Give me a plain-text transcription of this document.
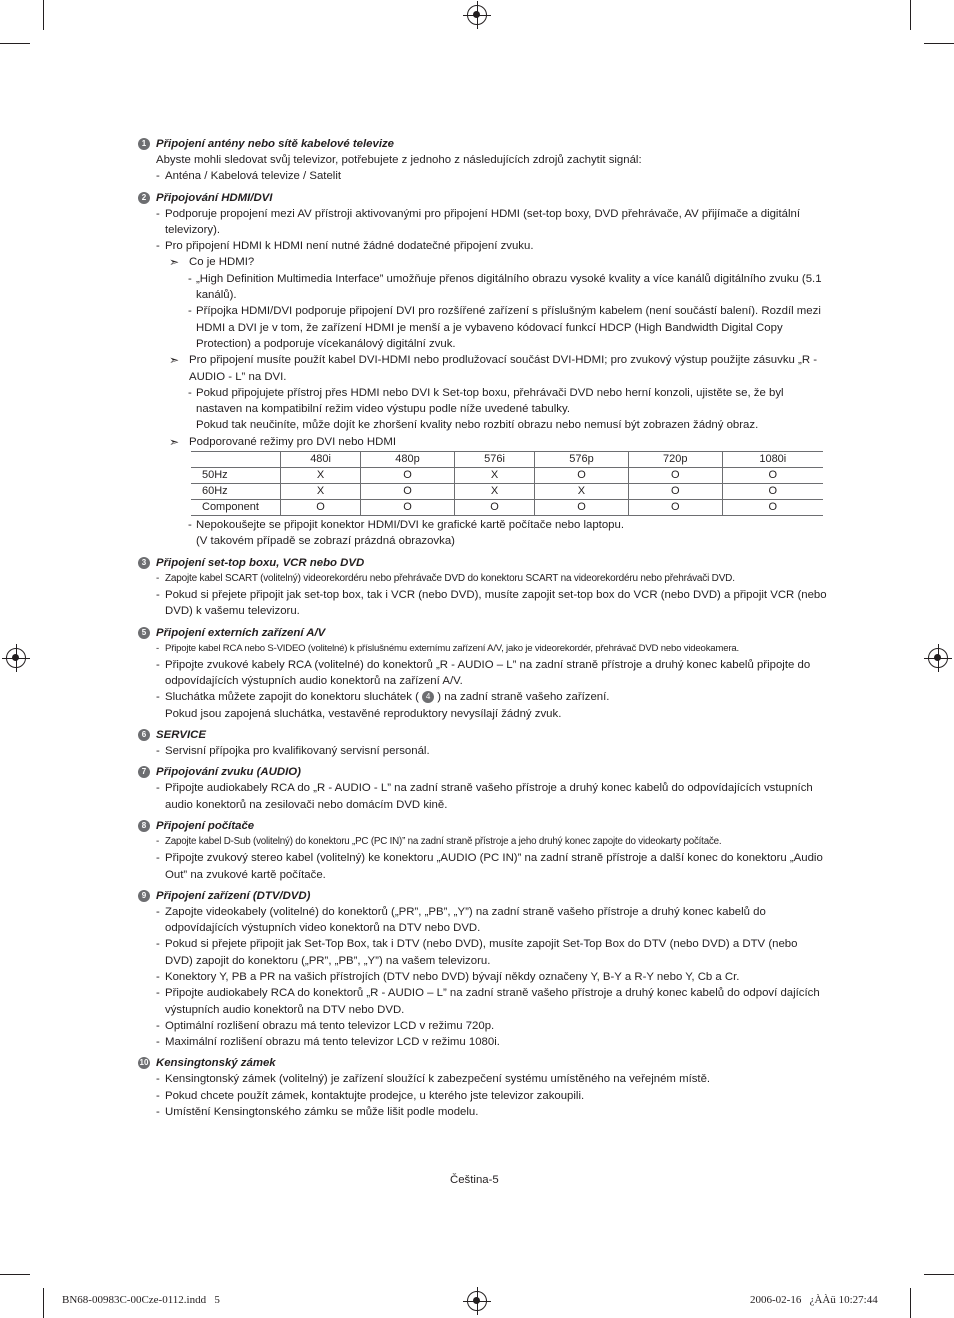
1 Připojení antény nebo sítě kabelové televize
Abyste mohli sledovat svůj televizor, potřebujete z jednoho z následujících zdrojů zachytit signál:
- Anténa / Kabelová televize / Satelit
2 Připojování HDMI/DVI
- Podporuje propojení mezi AV přístroji aktivovanými pro připojení HDMI (set-top boxy, DVD přehrávače, AV přijímače a digitální televizory).
- Pro připojení HDMI k HDMI není nutné žádné dodatečné připojení zvuku.
➣ Co je HDMI?
- „High Definition Multimedia Interface” umožňuje přenos digitálního obrazu vysoké kvality a více kanálů digitálního zvuku (5.1 kanálů).
- Přípojka HDMI/DVI podporuje připojení DVI pro rozšířené zařízení s příslušným kabelem (není součástí balení). Rozdíl mezi HDMI a DVI je v tom, že zařízení HDMI je menší a je vybaveno kódovací funkcí HDCP (High Bandwidth Digital Copy Protection) a podporuje vícekanálový digitální zvuk.
➣ Pro připojení musíte použít kabel DVI-HDMI nebo prodlužovací součást DVI-HDMI; pro zvukový výstup použijte zásuvku „R - AUDIO - L” na DVI.
- Pokud připojujete přístroj přes HDMI nebo DVI k Set-top boxu, přehrávači DVD nebo herní konzoli, ujistěte se, že byl nastaven na kompatibilní režim video výstupu podle níže uvedené tabulky.
Pokud tak neučiníte, může dojít ke zhoršení kvality nebo rozbití obrazu nebo nemusí být zobrazen žádný obraz.
➣ Podporované režimy pro DVI nebo HDMI
	480i	480p	576i	576p	720p	1080i
50Hz	X	O	X	O	O	O
60Hz	X	O	X	X	O	O
Component	O	O	O	O	O	O
- Nepokoušejte se připojit konektor HDMI/DVI ke grafické kartě počítače nebo laptopu.
(V takovém případě se zobrazí prázdná obrazovka)
3 Připojení set-top boxu, VCR nebo DVD
- Zapojte kabel SCART (volitelný) videorekordéru nebo přehrávače DVD do konektoru SCART na videorekordéru nebo přehrávači DVD.
- Pokud si přejete připojit jak set-top box, tak i VCR (nebo DVD), musíte zapojit set-top box do VCR (nebo DVD) a připojit VCR (nebo DVD) k vašemu televizoru.
5 Připojení externích zařízení A/V
- Připojte kabel RCA nebo S-VIDEO (volitelné) k příslušnému externímu zařízení A/V, jako je videorekordér, přehrávač DVD nebo videokamera.
- Připojte zvukové kabely RCA (volitelné) do konektorů „R - AUDIO – L” na zadní straně přístroje a druhý konec kabelů připojte do odpovídajících výstupních audio konektorů na zařízení A/V.
- Sluchátka můžete zapojit do konektoru sluchátek ( 4 ) na zadní straně vašeho zařízení.
Pokud jsou zapojená sluchátka, vestavěné reproduktory nevysílají žádný zvuk.
6 SERVICE
- Servisní přípojka pro kvalifikovaný servisní personál.
7 Připojování zvuku (AUDIO)
- Připojte audiokabely RCA do „R - AUDIO - L” na zadní straně vašeho přístroje a druhý konec kabelů do odpovídajících vstupních audio konektorů na zesilovači nebo domácím DVD kině.
8 Připojení počítače
- Zapojte kabel D-Sub (volitelný) do konektoru „PC (PC IN)” na zadní straně přístroje a jeho druhý konec zapojte do videokarty počítače.
- Připojte zvukový stereo kabel (volitelný) ke konektoru „AUDIO (PC IN)” na zadní straně přístroje a další konec do konektoru „Audio Out” na zvukové kartě počítače.
9 Připojení zařízení (DTV/DVD)
- Zapojte videokabely (volitelné) do konektorů („PR”, „PB”, „Y”) na zadní straně vašeho přístroje a druhý konec kabelů do odpovídajících výstupních video konektorů na DTV nebo DVD.
- Pokud si přejete připojit jak Set-Top Box, tak i DTV (nebo DVD), musíte zapojit Set-Top Box do DTV (nebo DVD) a DTV (nebo DVD) zapojit do konektoru („PR”, „PB”, „Y”) na vašem televizoru.
- Konektory Y, PB a PR na vašich přístrojích (DTV nebo DVD) bývají někdy označeny Y, B-Y a R-Y nebo Y, Cb a Cr.
- Připojte audiokabely RCA do konektorů „R - AUDIO – L” na zadní straně vašeho přístroje a druhý konec kabelů do odpoví dajících výstupních audio konektorů na DTV nebo DVD.
- Optimální rozlišení obrazu má tento televizor LCD v režimu 720p.
- Maximální rozlišení obrazu má tento televizor LCD v režimu 1080i.
10 Kensingtonský zámek
- Kensingtonský zámek (volitelný) je zařízení sloužící k zabezpečení systému umístěného na veřejném místě.
- Pokud chcete použít zámek, kontaktujte prodejce, u kterého jste televizor zakoupili.
- Umístění Kensingtonského zámku se může lišit podle modelu.
Čeština-5
BN68-00983C-00Cze-0112.indd   5	2006-02-16   ¿ÀÀü 10:27:44
